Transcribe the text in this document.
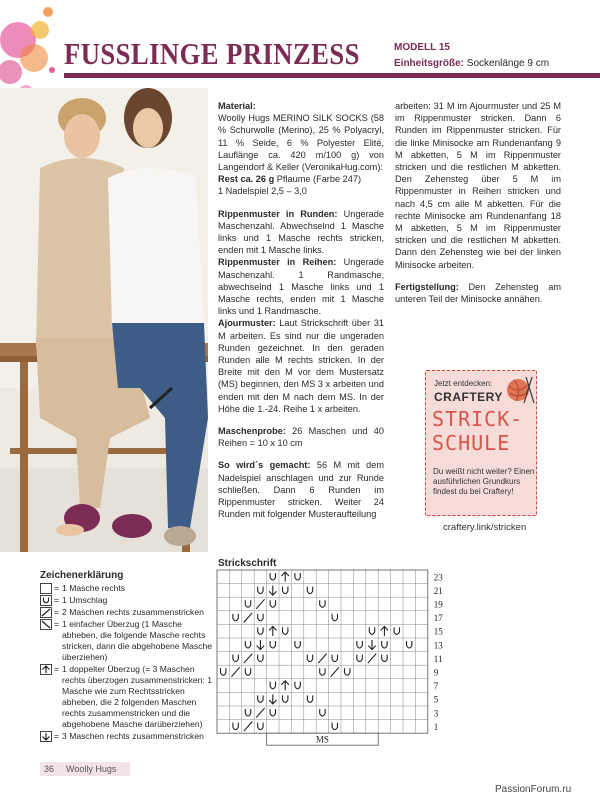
FUSSLINGE PRINZESS	MODELL 15
Einheitsgröße: Sockenlänge 9 cm

Material:
Woolly Hugs MERINO SILK SOCKS (58 % Schurwolle (Merino), 25 % Polyacryl, 11 % Seide, 6 % Polyester Elité, Lauflänge ca. 420 m/100 g) von Langendorf & Keller (VeronikaHug.com):
Rest ca. 26 g Pflaume (Farbe 247)
1 Nadelspiel 2,5 – 3,0

Rippenmuster in Runden: Ungerade Maschenzahl. Abwechselnd 1 Masche links und 1 Masche rechts stricken, enden mit 1 Masche links.

Rippenmuster in Reihen: Ungerade Maschenzahl. 1 Randmasche, abwechselnd 1 Masche links und 1 Masche rechts, enden mit 1 Masche links und 1 Randmasche.

Ajourmuster: Laut Strickschrift über 31 M arbeiten. Es sind nur die ungeraden Runden gezeichnet. In den geraden Runden alle M rechts stricken. In der Breite mit den M vor dem Mustersatz (MS) beginnen, den MS 3 x arbeiten und enden mit den M nach dem MS. In der Höhe die 1.-24. Reihe 1 x arbeiten.

Maschenprobe: 26 Maschen und 40 Reihen = 10 x 10 cm

So wird´s gemacht: 56 M mit dem Nadelspiel anschlagen und zur Runde schließen. Dann 6 Runden im Rippenmuster stricken. Weiter 24 Runden mit folgender Musteraufteilung

arbeiten: 31 M im Ajourmuster und 25 M im Rippenmuster stricken. Dann 6 Runden im Rippenmuster stricken. Für die linke Minisocke am Rundenanfang 9 M abketten, 5 M im Rippenmuster stricken und die restlichen M abketten. Den Zehensteg über 5 M im Rippenmuster in Reihen stricken und nach 4,5 cm alle M abketten. Für die rechte Minisocke am Rundenanfang 18 M abketten, 5 M im Rippenmuster stricken und die restlichen M abketten. Dann den Zehensteg wie bei der linken Minisocke arbeiten.

Fertigstellung: Den Zehensteg am unteren Teil der Minisocke annähen.

Jetzt entdecken:
CRAFTERY
STRICK-
SCHULE
Du weißt nicht weiter? Einen ausführlichen Grundkurs findest du bei Craftery!
craftery.link/stricken
Strickschrift
23
21
19
17
15
13
11
9
7
5
3
1
MS
Zeichenerklärung
= 1 Masche rechts
= 1 Umschlag
= 2 Maschen rechts zusammenstricken
= 1 einfacher Überzug (1 Masche abheben, die folgende Masche rechts stricken, dann die abgehobene Masche überziehen)
= 1 doppelter Überzug (= 3 Maschen rechts überzogen zusammenstricken: 1 Masche wie zum Rechtsstricken abheben, die 2 folgenden Maschen rechts zusammenstricken und die abgehobene Masche darüberziehen)
= 3 Maschen rechts zusammenstricken
36 Woolly Hugs
PassionForum.ru
